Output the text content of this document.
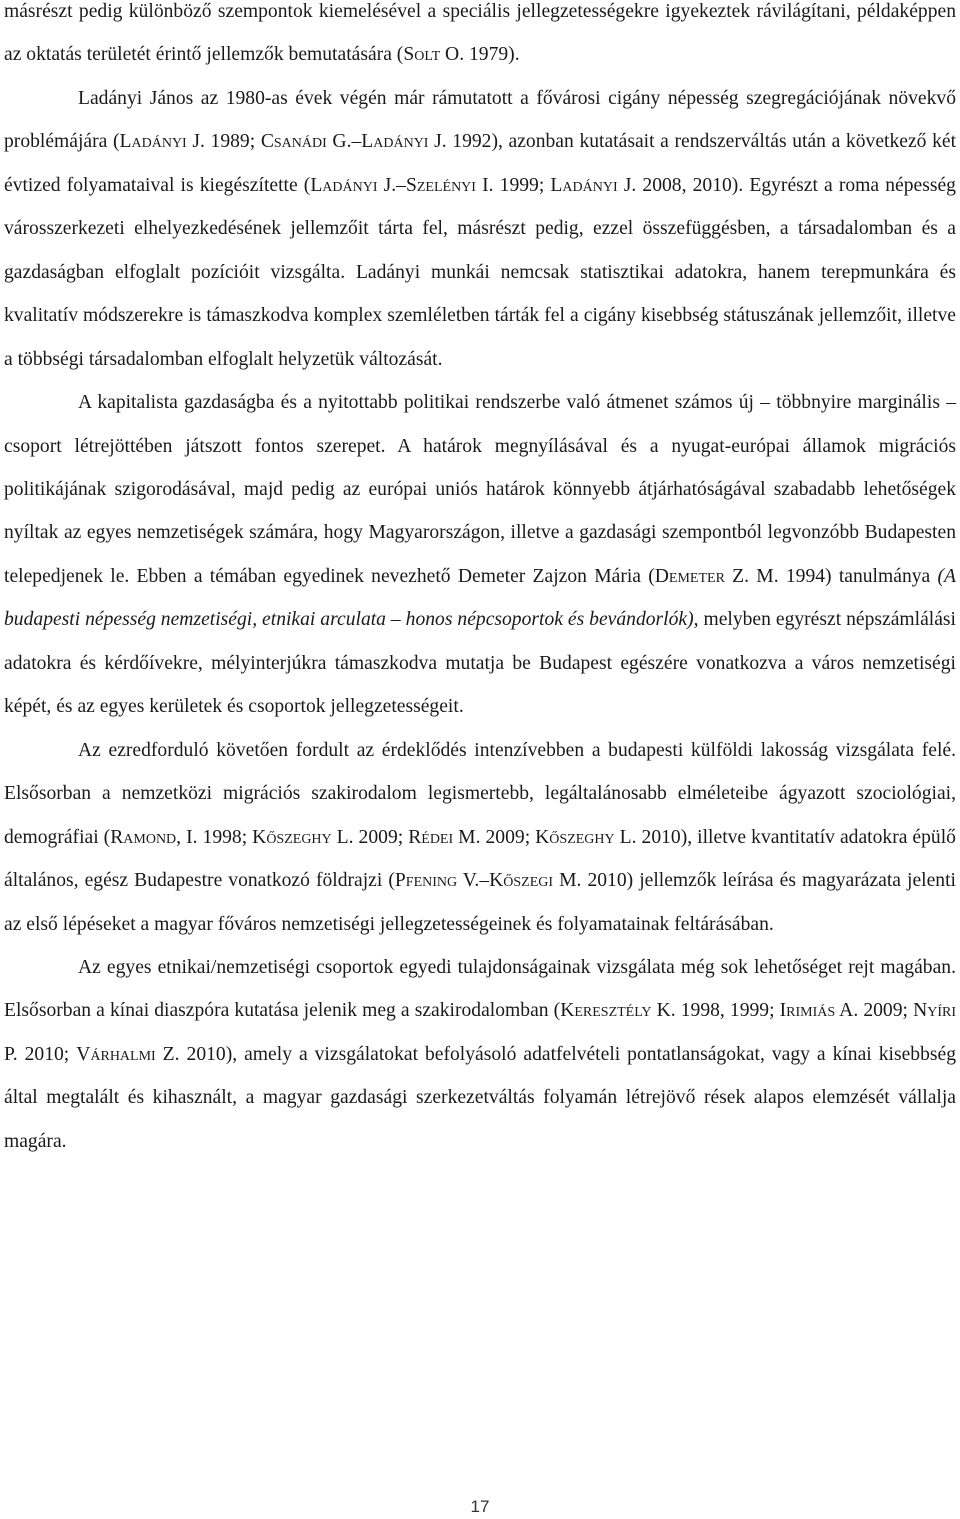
másrészt pedig különböző szempontok kiemelésével a speciális jellegzetességekre igyekeztek rávilágítani, példaképpen az oktatás területét érintő jellemzők bemutatására (Solt O. 1979).

Ladányi János az 1980-as évek végén már rámutatott a fővárosi cigány népesség szegregációjának növekvő problémájára (Ladányi J. 1989; Csanádi G.–Ladányi J. 1992), azonban kutatásait a rendszerváltás után a következő két évtized folyamataival is kiegészítette (Ladányi J.–Szelényi I. 1999; Ladányi J. 2008, 2010). Egyrészt a roma népesség városszerkezeti elhelyezkedésének jellemzőit tárta fel, másrészt pedig, ezzel összefüggésben, a társadalomban és a gazdaságban elfoglalt pozícióit vizsgálta. Ladányi munkái nemcsak statisztikai adatokra, hanem terepmunkára és kvalitatív módszerekre is támaszkodva komplex szemléletben tárták fel a cigány kisebbség státuszának jellemzőit, illetve a többségi társadalomban elfoglalt helyzetük változását.

A kapitalista gazdaságba és a nyitottabb politikai rendszerbe való átmenet számos új – többnyire marginális – csoport létrejöttében játszott fontos szerepet. A határok megnyílásával és a nyugat-európai államok migrációs politikájának szigorodásával, majd pedig az európai uniós határok könnyebb átjárhatóságával szabadabb lehetőségek nyíltak az egyes nemzetiségek számára, hogy Magyarországon, illetve a gazdasági szempontból legvonzóbb Budapesten telepedjenek le. Ebben a témában egyedinek nevezhető Demeter Zajzon Mária (Demeter Z. M. 1994) tanulmánya (A budapesti népesség nemzetiségi, etnikai arculata – honos népcsoportok és bevándorlók), melyben egyrészt népszámlálási adatokra és kérdőívekre, mélyinterjúkra támaszkodva mutatja be Budapest egészére vonatkozva a város nemzetiségi képét, és az egyes kerületek és csoportok jellegzetességeit.

Az ezredforduló követően fordult az érdeklődés intenzívebben a budapesti külföldi lakosság vizsgálata felé. Elsősorban a nemzetközi migrációs szakirodalom legismertebb, legáltalánosabb elméleteibe ágyazott szociológiai, demográfiai (Ramond, I. 1998; Kőszeghy L. 2009; Rédei M. 2009; Kőszeghy L. 2010), illetve kvantitatív adatokra épülő általános, egész Budapestre vonatkozó földrajzi (Pfening V.–Kőszegi M. 2010) jellemzők leírása és magyarázata jelenti az első lépéseket a magyar főváros nemzetiségi jellegzetességeinek és folyamatainak feltárásában.

Az egyes etnikai/nemzetiségi csoportok egyedi tulajdonságainak vizsgálata még sok lehetőséget rejt magában. Elsősorban a kínai diaszpóra kutatása jelenik meg a szakirodalomban (Keresztély K. 1998, 1999; Irimiás A. 2009; Nyíri P. 2010; Várhalmi Z. 2010), amely a vizsgálatokat befolyásoló adatfelvételi pontatlanságokat, vagy a kínai kisebbség által megtalált és kihasznált, a magyar gazdasági szerkezetváltás folyamán létrejövő rések alapos elemzését vállalja magára.

17
